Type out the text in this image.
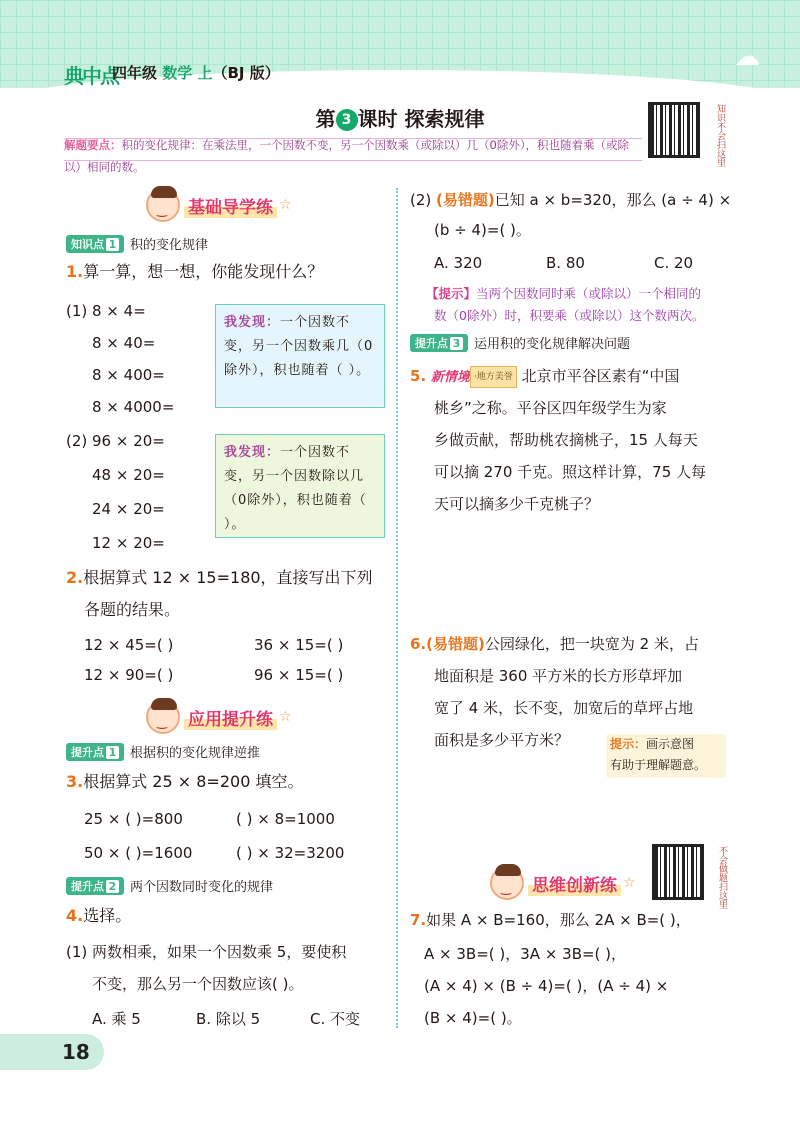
典中点
四年级 数学 上（BJ 版）
☁
第 3 课时 探索规律	知识不会扫这里
解题要点：积的变化规律：在乘法里，一个因数不变，另一个因数乘（或除以）几（0除外），积也随着乘（或除以）相同的数。
‿
基础导学练 ☆
知识点 1	积的变化规律
1.算一算，想一想，你能发现什么？
(1) 8 × 4=
8 × 40=
8 × 400=
8 × 4000=
我发现：一个因数不变，另一个因数乘几（0除外），积也随着（ ）。
(2) 96 × 20=
48 × 20=
24 × 20=
12 × 20=
我发现：一个因数不变，另一个因数除以几（0除外），积也随着（ ）。
2.根据算式 12 × 15=180，直接写出下列
各题的结果。
12 × 45=( )	36 × 15=( )
12 × 90=( )	96 × 15=( )
‿
应用提升练 ☆
提升点 1	根据积的变化规律逆推
3.根据算式 25 × 8=200 填空。
25 × ( )=800	( ) × 8=1000
50 × ( )=1600	( ) × 32=3200
提升点 2	两个因数同时变化的规律
4.选择。
(1) 两数相乘，如果一个因数乘 5，要使积
不变，那么另一个因数应该( )。
A. 乘 5	B. 除以 5	C. 不变
(2) (易错题)已知 a × b=320，那么 (a ÷ 4) ×
(b ÷ 4)=( )。
A. 320	B. 80	C. 20
【提示】当两个因数同时乘（或除以）一个相同的
数（0除外）时，积要乘（或除以）这个数两次。
提升点 3	运用积的变化规律解决问题
5. 新情境 ·地方美誉 北京市平谷区素有“中国
桃乡”之称。平谷区四年级学生为家
乡做贡献，帮助桃农摘桃子，15 人每天
可以摘 270 千克。照这样计算，75 人每
天可以摘多少千克桃子？
6.(易错题)公园绿化，把一块宽为 2 米，占
地面积是 360 平方米的长方形草坪加
宽了 4 米，长不变，加宽后的草坪占地
面积是多少平方米？	提示：画示意图
有助于理解题意。
‿
思维创新练 ☆	不会做题扫这里
7.如果 A × B=160，那么 2A × B=( )，
A × 3B=( )，3A × 3B=( )，
(A × 4) × (B ÷ 4)=( )，(A ÷ 4) ×
(B × 4)=( )。
18
